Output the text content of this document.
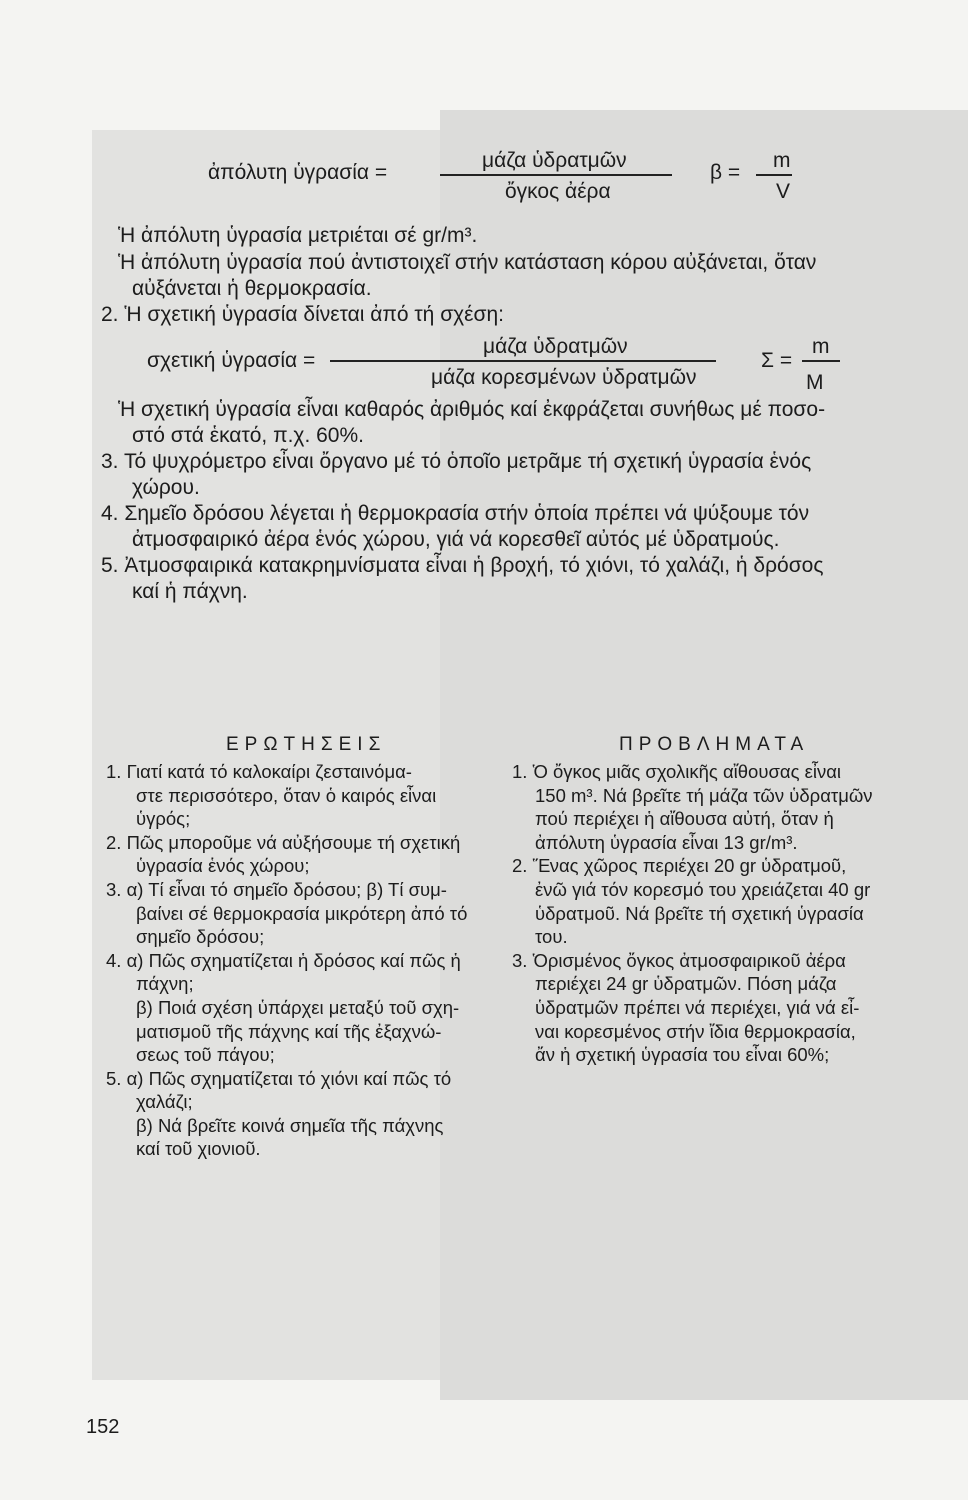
ἀπόλυτη ὑγρασία =
μάζα ὑδρατμῶν
ὄγκος ἀέρα
β =
m
V
Ἡ ἀπόλυτη ὑγρασία μετριέται σέ gr/m³.
Ἡ ἀπόλυτη ὑγρασία πού ἀντιστοιχεῖ στήν κατάσταση κόρου αὐξάνεται, ὅταν
αὐξάνεται ἡ θερμοκρασία.
2. Ἡ σχετική ὑγρασία δίνεται ἀπό τή σχέση:
σχετική ὑγρασία =
μάζα ὑδρατμῶν
μάζα κορεσμένων ὑδρατμῶν
Σ =
m
M
Ἡ σχετική ὑγρασία εἶναι καθαρός ἀριθμός καί ἐκφράζεται συνήθως μέ ποσο-
στό στά ἑκατό, π.χ. 60%.
3. Τό ψυχρόμετρο εἶναι ὄργανο μέ τό ὁποῖο μετρᾶμε τή σχετική ὑγρασία ἑνός
χώρου.
4. Σημεῖο δρόσου λέγεται ἡ θερμοκρασία στήν ὁποία πρέπει νά ψύξουμε τόν
ἀτμοσφαιρικό ἀέρα ἑνός χώρου, γιά νά κορεσθεῖ αὐτός μέ ὑδρατμούς.
5. Ἀτμοσφαιρικά κατακρημνίσματα εἶναι ἡ βροχή, τό χιόνι, τό χαλάζι, ἡ δρόσος
καί ἡ πάχνη.
ΕΡΩΤΗΣΕΙΣ
1. Γιατί κατά τό καλοκαίρι ζεσταινόμα-
στε περισσότερο, ὅταν ὁ καιρός εἶναι
ὑγρός;
2. Πῶς μποροῦμε νά αὐξήσουμε τή σχετική
ὑγρασία ἑνός χώρου;
3. α) Τί εἶναι τό σημεῖο δρόσου; β) Τί συμ-
βαίνει σέ θερμοκρασία μικρότερη ἀπό τό
σημεῖο δρόσου;
4. α) Πῶς σχηματίζεται ἡ δρόσος καί πῶς ἡ
πάχνη;
β) Ποιά σχέση ὑπάρχει μεταξύ τοῦ σχη-
ματισμοῦ τῆς πάχνης καί τῆς ἐξαχνώ-
σεως τοῦ πάγου;
5. α) Πῶς σχηματίζεται τό χιόνι καί πῶς τό
χαλάζι;
β) Νά βρεῖτε κοινά σημεῖα τῆς πάχνης
καί τοῦ χιονιοῦ.
ΠΡΟΒΛΗΜΑΤΑ
1. Ὁ ὄγκος μιᾶς σχολικῆς αἴθουσας εἶναι
150 m³. Νά βρεῖτε τή μάζα τῶν ὑδρατμῶν
πού περιέχει ἡ αἴθουσα αὐτή, ὅταν ἡ
ἀπόλυτη ὑγρασία εἶναι 13 gr/m³.
2. Ἕνας χῶρος περιέχει 20 gr ὑδρατμοῦ,
ἐνῶ γιά τόν κορεσμό του χρειάζεται 40 gr
ὑδρατμοῦ. Νά βρεῖτε τή σχετική ὑγρασία
του.
3. Ὁρισμένος ὄγκος ἀτμοσφαιρικοῦ ἀέρα
περιέχει 24 gr ὑδρατμῶν. Πόση μάζα
ὑδρατμῶν πρέπει νά περιέχει, γιά νά εἶ-
ναι κορεσμένος στήν ἴδια θερμοκρασία,
ἄν ἡ σχετική ὑγρασία του εἶναι 60%;
152
